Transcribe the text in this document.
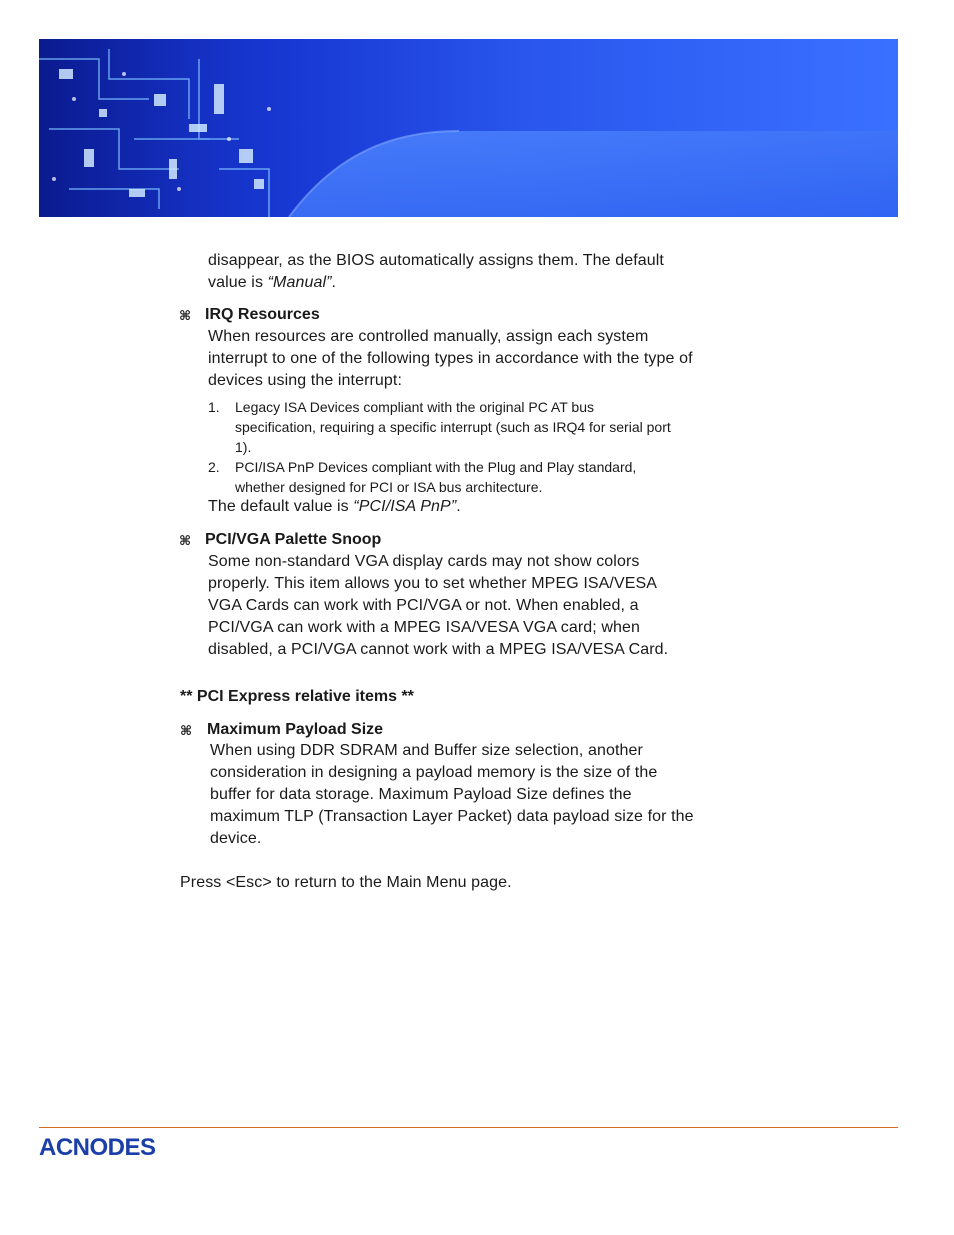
disappear, as the BIOS automatically assigns them. The default
value is “Manual”.
⌘ IRQ Resources
When resources are controlled manually, assign each system
interrupt to one of the following types in accordance with the type of
devices using the interrupt:
1. Legacy ISA Devices compliant with the original PC AT bus
specification, requiring a specific interrupt (such as IRQ4 for serial port
1).
2. PCI/ISA PnP Devices compliant with the Plug and Play standard,
whether designed for PCI or ISA bus architecture.
The default value is “PCI/ISA PnP”.
⌘ PCI/VGA Palette Snoop
Some non-standard VGA display cards may not show colors
properly. This item allows you to set whether MPEG ISA/VESA
VGA Cards can work with PCI/VGA or not. When enabled, a
PCI/VGA can work with a MPEG ISA/VESA VGA card; when
disabled, a PCI/VGA cannot work with a MPEG ISA/VESA Card.
** PCI Express relative items **
⌘ Maximum Payload Size
When using DDR SDRAM and Buffer size selection, another
consideration in designing a payload memory is the size of the
buffer for data storage. Maximum Payload Size defines the
maximum TLP (Transaction Layer Packet) data payload size for the
device.
Press <Esc> to return to the Main Menu page.
ACNODES
